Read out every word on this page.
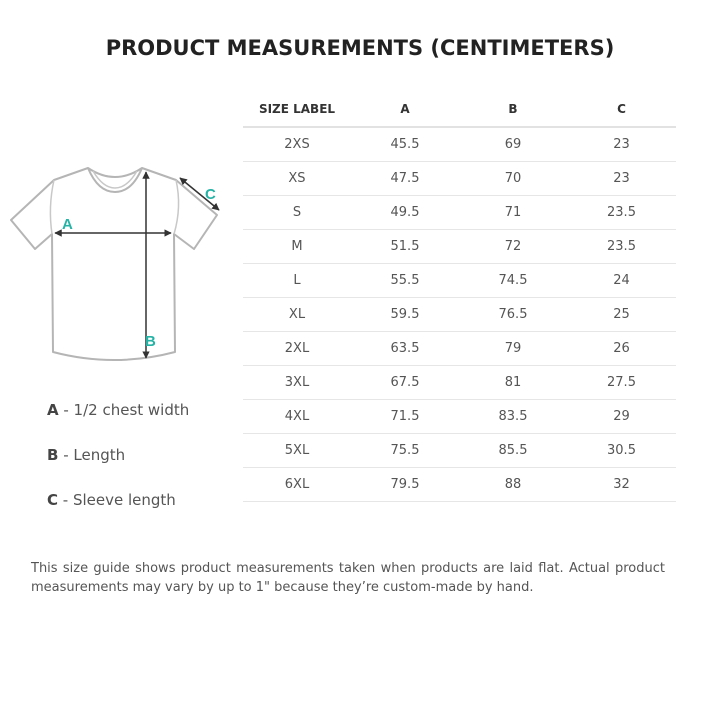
PRODUCT MEASUREMENTS (CENTIMETERS)
A
B
C
A - 1/2 chest width
B - Length
C - Sleeve length
SIZE LABEL	A	B	C
2XS	45.5	69	23
XS	47.5	70	23
S	49.5	71	23.5
M	51.5	72	23.5
L	55.5	74.5	24
XL	59.5	76.5	25
2XL	63.5	79	26
3XL	67.5	81	27.5
4XL	71.5	83.5	29
5XL	75.5	85.5	30.5
6XL	79.5	88	32
This size guide shows product measurements taken when products are laid flat. Actual product measurements may vary by up to 1" because they’re custom-made by hand.
